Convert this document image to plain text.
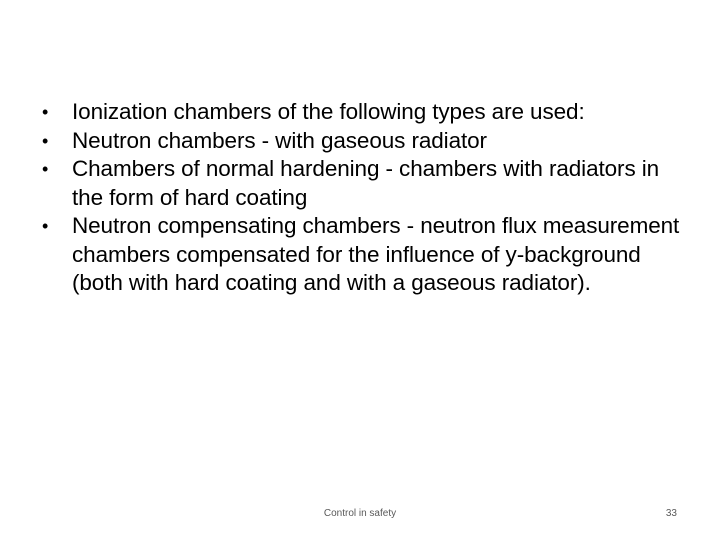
• Ionization chambers of the following types are used:
• Neutron chambers - with gaseous radiator
• Chambers of normal hardening - chambers with radiators in the form of hard coating
• Neutron compensating chambers - neutron flux measurement chambers compensated for the influence of y-background (both with hard coating and with a gaseous radiator).
Control in safety	33
